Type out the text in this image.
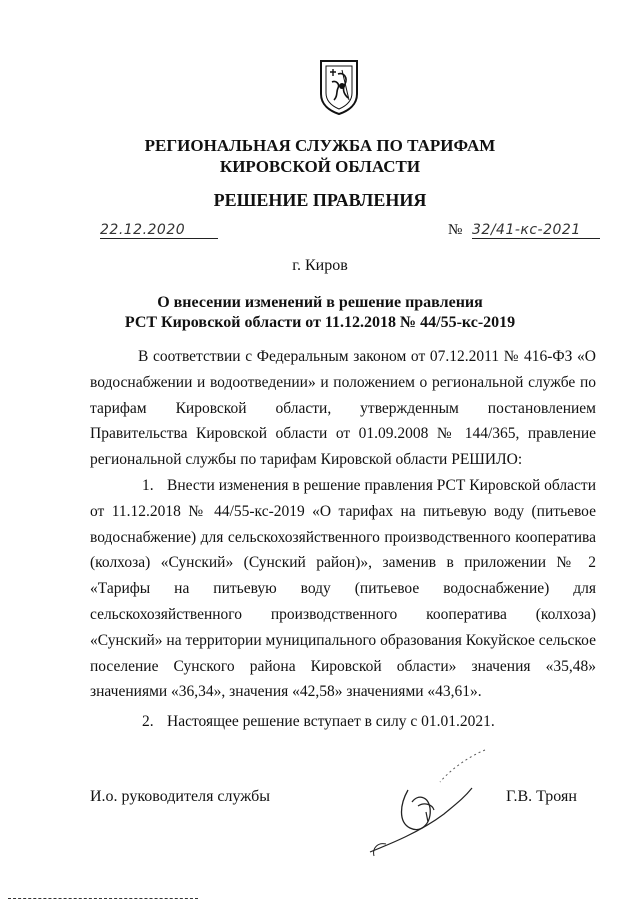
РЕГИОНАЛЬНАЯ СЛУЖБА ПО ТАРИФАМ
КИРОВСКОЙ ОБЛАСТИ
РЕШЕНИЕ ПРАВЛЕНИЯ
22.12.2020	№ 32/41-кс-2021
г. Киров
О внесении изменений в решение правления
РСТ Кировской области от 11.12.2018 № 44/55-кс-2019

В соответствии с Федеральным законом от 07.12.2011 № 416-ФЗ «О водоснабжении и водоотведении» и положением о региональной службе по тарифам Кировской области, утвержденным постановлением Правительства Кировской области от 01.09.2008 № 144/365, правление региональной службы по тарифам Кировской области РЕШИЛО:

1. Внести изменения в решение правления РСТ Кировской области от 11.12.2018 № 44/55-кс-2019 «О тарифах на питьевую воду (питьевое водоснабжение) для сельскохозяйственного производственного кооператива (колхоза) «Сунский» (Сунский район)», заменив в приложении № 2 «Тарифы на питьевую воду (питьевое водоснабжение) для сельскохозяйственного производственного кооператива (колхоза) «Сунский» на территории муниципального образования Кокуйское сельское поселение Сунского района Кировской области» значения «35,48» значениями «36,34», значения «42,58» значениями «43,61».

2. Настоящее решение вступает в силу с 01.01.2021.

И.о. руководителя службы	Г.В. Троян
